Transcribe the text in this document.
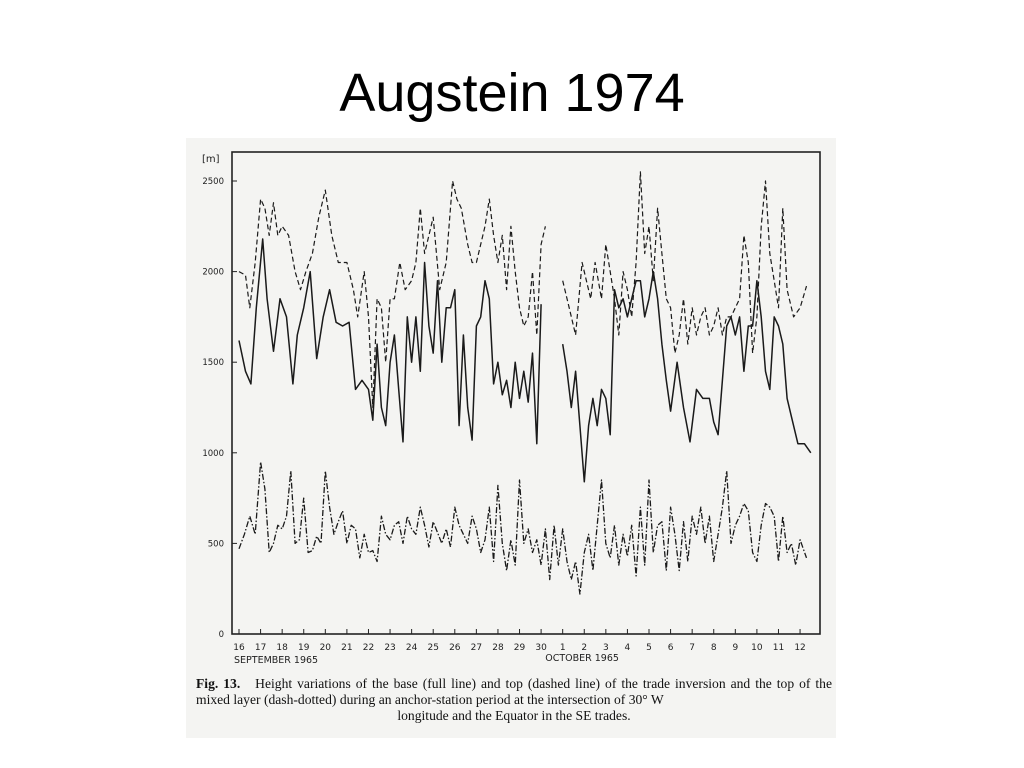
Augstein 1974
[m]
0
500
1000
1500
2000
2500
16 17 18 19 20 21 22 23 24 25 26 27 28 29 30 1 2 3 4 5 6 7 8 9 10 11 12
SEPTEMBER 1965	OCTOBER 1965
Fig. 13. Height variations of the base (full line) and top (dashed line) of the trade inversion and the top of the mixed layer (dash-dotted) during an anchor-station period at the intersection of 30° W
longitude and the Equator in the SE trades.
